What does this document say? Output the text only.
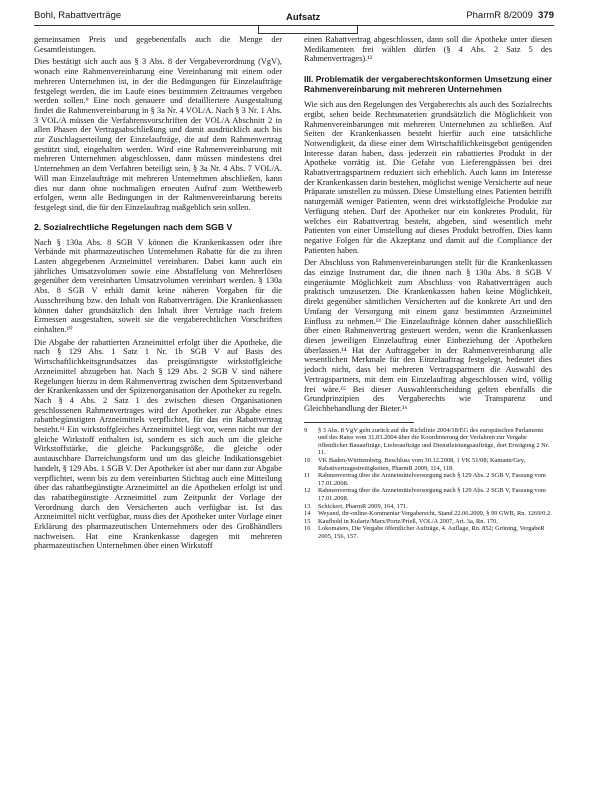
Bohl, Rabattverträge	Aufsatz	PharmR 8/2009 379

gemeinsamen Preis und gegebenenfalls auch die Menge der Gesamtleistungen.

Dies bestätigt sich auch aus § 3 Abs. 8 der Vergabeverordnung (VgV), wonach eine Rahmenvereinbarung eine Vereinbarung mit einem oder mehreren Unternehmen ist, in der die Bedingungen für Einzelaufträge festgelegt werden, die im Laufe eines bestimmten Zeitraumes vergeben werden sollen.⁹ Eine noch genauere und detailliertere Ausgestaltung findet die Rahmenvereinbarung in § 3a Nr. 4 VOL/A. Nach § 3 Nr. 1 Abs. 3 VOL/A müssen die Verfahrensvorschriften der VOL/A Abschnitt 2 in allen Phasen der Vertragsabschließung und damit ausdrücklich auch bis zur Zuschlagserteilung der Einzelaufträge, die auf dem Rahmenvertrag gestützt sind, eingehalten werden. Wird eine Rahmenvereinbarung mit mehreren Unternehmen abgeschlossen, dann müssen mindestens drei Unternehmen an dem Verfahren beteiligt sein, § 3a Nr. 4 Abs. 7 VOL/A. Will man Einzelaufträge mit mehreren Unternehmen abschließen, kann dies nur dann ohne nochmaligen erneuten Aufruf zum Wettbewerb erfolgen, wenn alle Bedingungen in der Rahmenvereinbarung bereits festgelegt sind, die für den Einzelauftrag maßgeblich sein sollen.

2. Sozialrechtliche Regelungen nach dem SGB V

Nach § 130a Abs. 8 SGB V können die Krankenkassen oder ihre Verbände mit pharmazeutischen Unternehmen Rabatte für die zu ihren Lasten abgegebenen Arzneimittel vereinbaren. Dabei kann auch ein jährliches Umsatzvolumen sowie eine Abstaffelung von Mehrerlösen gegenüber dem vereinbarten Umsatzvolumen vereinbart werden. § 130a Abs. 8 SGB V erhält damit keine näheren Vorgaben für die Ausschreibung bzw. den Inhalt von Rabattverträgen. Die Krankenkassen können daher grundsätzlich den Inhalt ihrer Verträge nach freiem Ermessen ausgestalten, soweit sie die vergaberechtlichen Vorschriften einhalten.¹⁰

Die Abgabe der rabattierten Arzneimittel erfolgt über die Apotheke, die nach § 129 Abs. 1 Satz 1 Nr. 1b SGB V auf Basis des Wirtschaftlichkeitsgrundsatzes das preisgünstigste wirkstoffgleiche Arzneimittel abzugeben hat. Nach § 129 Abs. 2 SGB V sind nähere Regelungen hierzu in dem Rahmenvertrag zwischen dem Spitzenverband der Krankenkassen und der Spitzenorganisation der Apotheker zu regeln. Nach § 4 Abs. 2 Satz 1 des zwischen diesen Organisationen geschlossenen Rahmenvertrages wird der Apotheker zur Abgabe eines rabattbegünstigten Arzneimittels verpflichtet, für das ein Rabattvertrag besteht.¹¹ Ein wirkstoffgleiches Arzneimittel liegt vor, wenn nicht nur der gleiche Wirkstoff enthalten ist, sondern es sich auch um die gleiche Wirkstoffstärke, die gleiche Packungsgröße, die gleiche oder austauschbare Darreichungsform und um das gleiche Indikationsgebiet handelt, § 129 Abs. 1 SGB V. Der Apotheker ist aber nur dann zur Abgabe verpflichtet, wenn bis zu dem vereinbarten Stichtag auch eine Mitteilung über das rabattbegünstigte Arzneimittel an die Apotheken erfolgt ist und das rabattbegünstigte Arzneimittel zum Zeitpunkt der Vorlage der Verordnung durch den Versicherten auch verfügbar ist. Ist das Arzneimittel nicht verfügbar, muss dies der Apotheker unter Vorlage einer Erklärung des pharmazeutischen Unternehmers oder des Großhändlers nachweisen. Hat eine Krankenkasse dagegen mit mehreren pharmazeutischen Unternehmen über einen Wirkstoff

einen Rabattvertrag abgeschlossen, dann soll die Apotheke unter diesen Medikamenten frei wählen dürfen (§ 4 Abs. 2 Satz 5 des Rahmenvertrages).¹²

III. Problematik der vergaberechtskonformen Umsetzung einer Rahmenvereinbarung mit mehreren Unternehmen

Wie sich aus den Regelungen des Vergaberechts als auch des Sozialrechts ergibt, sehen beide Rechtsmaterien grundsätzlich die Möglichkeit von Rahmenvereinbarungen mit mehreren Unternehmen zu schließen. Auf Seiten der Krankenkassen besteht hierfür auch eine tatsächliche Notwendigkeit, da diese einer dem Wirtschaftlichkeitsgebot genügenden Interesse daran haben, dass jederzeit ein rabattiertes Produkt in der Apotheke vorrätig ist. Die Gefahr von Lieferengpässen bei drei Rabattvertragspartnern reduziert sich erheblich. Auch kann im Interesse der Krankenkassen darin bestehen, möglichst wenige Versicherte auf neue Präparate umstellen zu müssen. Diese Umstellung eines Patienten betrifft naturgemäß weniger Patienten, wenn drei wirkstoffgleiche Produkte zur Verfügung stehen. Darf der Apotheker nur ein konkretes Produkt, für welches ein Rabattvertrag besteht, abgeben, sind wesentlich mehr Patienten von einer Umstellung auf dieses Produkt betroffen. Dies kann negative Folgen für die Akzeptanz und damit auf die Compliance der Patienten haben.

Der Abschluss von Rahmenvereinbarungen stellt für die Krankenkassen das einzige Instrument dar, die ihnen nach § 130a Abs. 8 SGB V eingeräumte Möglichkeit zum Abschluss von Rabattverträgen auch praktisch umzusetzen. Die Krankenkassen haben keine Möglichkeit, direkt gegenüber sämtlichen Versicherten auf die konkrete Art und den Umfang der Versorgung mit einem ganz bestimmten Arzneimittel Einfluss zu nehmen.¹³ Die Einzelaufträge können daher ausschließlich über einen Rahmenvertrag gesteuert werden, wenn die Krankenkassen diesen jeweiligen Einzelauftrag einer Einbeziehung der Apotheken überlassen.¹⁴ Hat der Auftraggeber in der Rahmenvereinbarung alle wesentlichen Merkmale für den Einzelauftrag festgelegt, bedeutet dies jedoch nicht, dass bei mehreren Vertragspartnern die Auswahl des Vertragspartners, mit dem ein Einzelauftrag abgeschlossen wird, völlig frei wäre.¹⁵ Bei dieser Auswahlentscheidung gelten ebenfalls die Grundprinzipien des Vergaberechts wie Transparenz und Gleichbehandlung der Bieter.¹⁶

9	§ 3 Abs. 8 VgV geht zurück auf die Richtlinie 2004/18/EG des europäischen Parlaments und des Rates vom 31.03.2004 über die Koordinierung der Verfahren zur Vergabe öffentlicher Bauaufträge, Lieferaufträge und Dienstleistungsaufträge, dort Erwägung 2 Nr. 11.
10	VK Baden-Württemberg, Beschluss vom 30.12.2008, 1 VK 51/08; Kamann/Gey, Rabattvertragsstreitigkeiten, PharmR 2009, 114, 118.
11	Rahmenvertrag über die Arzneimittelversorgung nach § 129 Abs. 2 SGB V, Fassung vom 17.01.2008.
12	Rahmenvertrag über die Arzneimittelversorgung nach § 129 Abs. 2 SGB V, Fassung vom 17.01.2008.
13	Schickert, PharmR 2009, 164, 171.
14	Weyand, ibr-online-Kommentar Vergaberecht, Stand 22.06.2009, § 99 GWB, Rn. 1269/0.2.
15	Kaufhold in Kulartz/Marx/Portz/Prieß, VOL/A 2007, Art. 3a, Rn. 170.
16	Lokomaiers, Die Vergabe öffentlicher Aufträge, 4. Auflage, Rn. 852; Gröning, VergabeR 2005, 156, 157.
